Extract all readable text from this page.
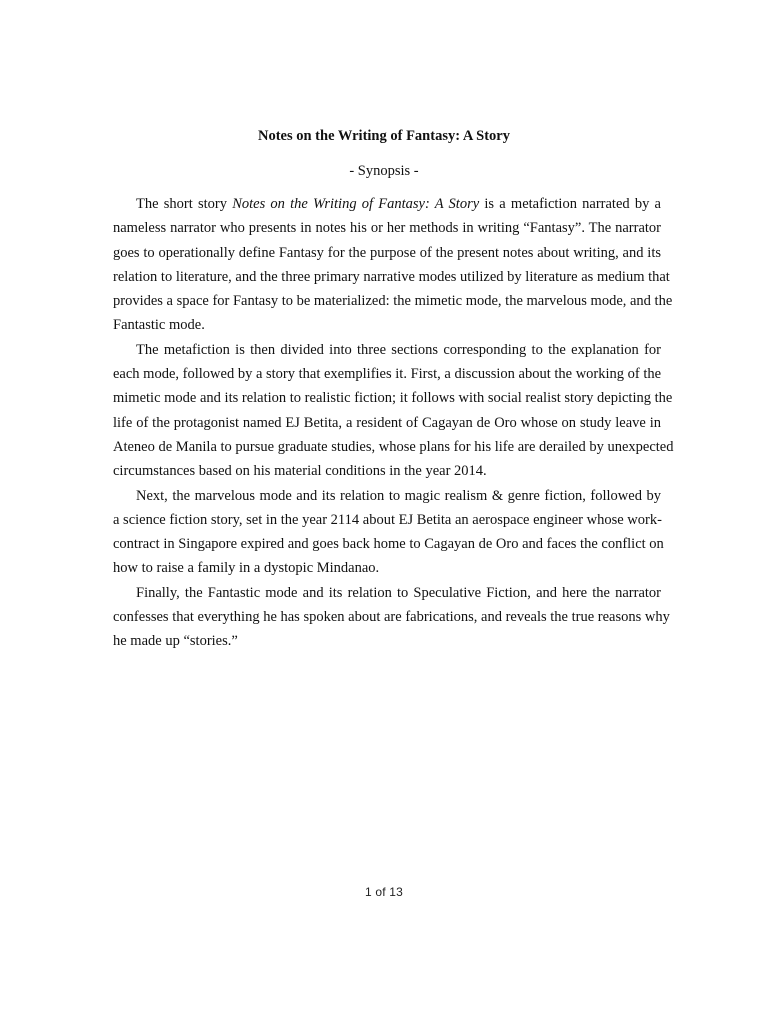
Notes on the Writing of Fantasy: A Story
- Synopsis -
The short story Notes on the Writing of Fantasy: A Story is a metafiction narrated by a
nameless narrator who presents in notes his or her methods in writing “Fantasy”. The narrator
goes to operationally define Fantasy for the purpose of the present notes about writing, and its
relation to literature, and the three primary narrative modes utilized by literature as medium that
provides a space for Fantasy to be materialized: the mimetic mode, the marvelous mode, and the
Fantastic mode.
The metafiction is then divided into three sections corresponding to the explanation for
each mode, followed by a story that exemplifies it. First, a discussion about the working of the
mimetic mode and its relation to realistic fiction; it follows with social realist story depicting the
life of the protagonist named EJ Betita, a resident of Cagayan de Oro whose on study leave in
Ateneo de Manila to pursue graduate studies, whose plans for his life are derailed by unexpected
circumstances based on his material conditions in the year 2014.
Next, the marvelous mode and its relation to magic realism & genre fiction, followed by
a science fiction story, set in the year 2114 about EJ Betita an aerospace engineer whose work-
contract in Singapore expired and goes back home to Cagayan de Oro and faces the conflict on
how to raise a family in a dystopic Mindanao.
Finally, the Fantastic mode and its relation to Speculative Fiction, and here the narrator
confesses that everything he has spoken about are fabrications, and reveals the true reasons why
he made up “stories.”
1 of 13
